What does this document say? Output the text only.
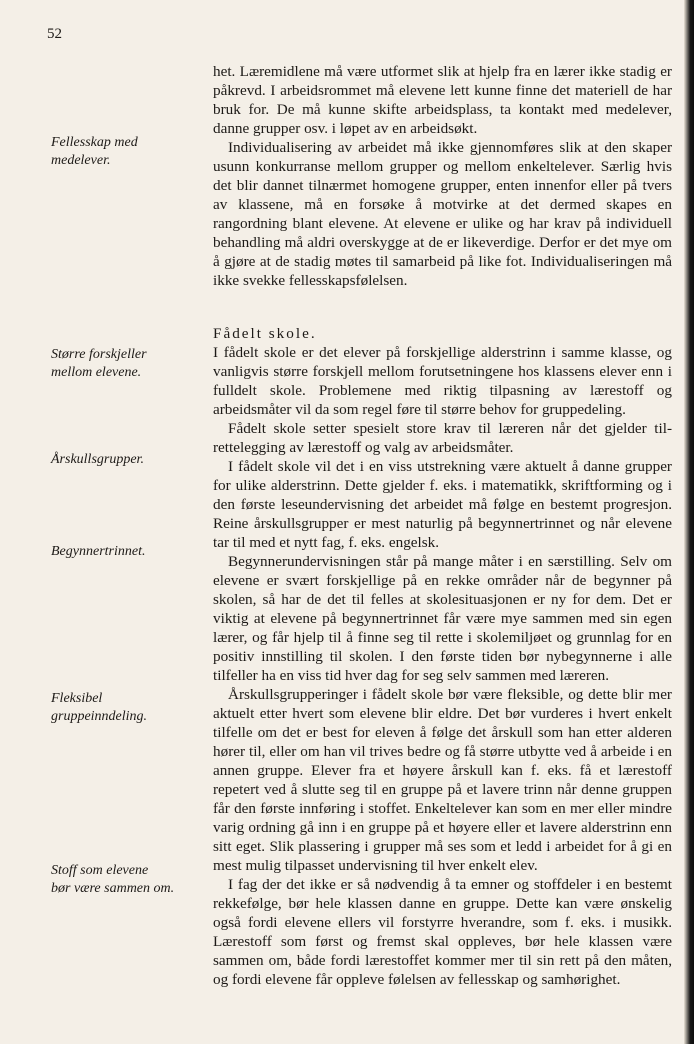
52
Fellesskap med
medelever.
Større forskjeller
mellom elevene.
Årskullsgrupper.
Begynnertrinnet.
Fleksibel
gruppeinndeling.
Stoff som elevene
bør være sammen om.

het. Læremidlene må være utformet slik at hjelp fra en lærer ikke stadig er påkrevd. I arbeidsrommet må elevene lett kunne finne det materiell de har bruk for. De må kunne skifte arbeidsplass, ta kontakt med medelever, danne grupper osv. i løpet av en arbeidsøkt.

Individualisering av arbeidet må ikke gjennomføres slik at den skaper usunn konkurranse mellom grupper og mellom enkeltelever. Særlig hvis det blir dannet tilnærmet homogene grupper, enten innenfor eller på tvers av klassene, må en forsøke å motvirke at det dermed skapes en rangordning blant elevene. At elevene er ulike og har krav på individuell behandling må aldri overskygge at de er likeverdige. Derfor er det mye om å gjøre at de stadig møtes til samarbeid på like fot. Individualiseringen må ikke svekke fellesskapsfølelsen.

Fådelt skole.

I fådelt skole er det elever på forskjellige alderstrinn i samme klasse, og vanligvis større forskjell mellom forutsetningene hos klassens elever enn i fulldelt skole. Problemene med riktig tilpasning av lærestoff og arbeidsmåter vil da som regel føre til større behov for gruppedeling.

Fådelt skole setter spesielt store krav til læreren når det gjelder tilrettelegging av lærestoff og valg av arbeidsmåter.

I fådelt skole vil det i en viss utstrekning være aktuelt å danne grupper for ulike alderstrinn. Dette gjelder f. eks. i matematikk, skriftforming og i den første leseundervisning det arbeidet må følge en bestemt progresjon. Reine årskullsgrupper er mest naturlig på begynnertrinnet og når elevene tar til med et nytt fag, f. eks. engelsk.

Begynnerundervisningen står på mange måter i en særstilling. Selv om elevene er svært forskjellige på en rekke områder når de begynner på skolen, så har de det til felles at skolesituasjonen er ny for dem. Det er viktig at elevene på begynnertrinnet får være mye sammen med sin egen lærer, og får hjelp til å finne seg til rette i skolemiljøet og grunnlag for en positiv innstilling til skolen. I den første tiden bør nybegynnerne i alle tilfeller ha en viss tid hver dag for seg selv sammen med læreren.

Årskullsgrupperinger i fådelt skole bør være fleksible, og dette blir mer aktuelt etter hvert som elevene blir eldre. Det bør vurderes i hvert enkelt tilfelle om det er best for eleven å følge det årskull som han etter alderen hører til, eller om han vil trives bedre og få større utbytte ved å arbeide i en annen gruppe. Elever fra et høyere årskull kan f. eks. få et lærestoff repetert ved å slutte seg til en gruppe på et lavere trinn når denne gruppen får den første innføring i stoffet. Enkeltelever kan som en mer eller mindre varig ordning gå inn i en gruppe på et høyere eller et lavere alderstrinn enn sitt eget. Slik plassering i grupper må ses som et ledd i arbeidet for å gi en mest mulig tilpasset undervisning til hver enkelt elev.

I fag der det ikke er så nødvendig å ta emner og stoffdeler i en bestemt rekkefølge, bør hele klassen danne en gruppe. Dette kan være ønskelig også fordi elevene ellers vil forstyrre hverandre, som f. eks. i musikk. Lærestoff som først og fremst skal oppleves, bør hele klassen være sammen om, både fordi lærestoffet kommer mer til sin rett på den måten, og fordi elevene får oppleve følelsen av fellesskap og samhørighet.
